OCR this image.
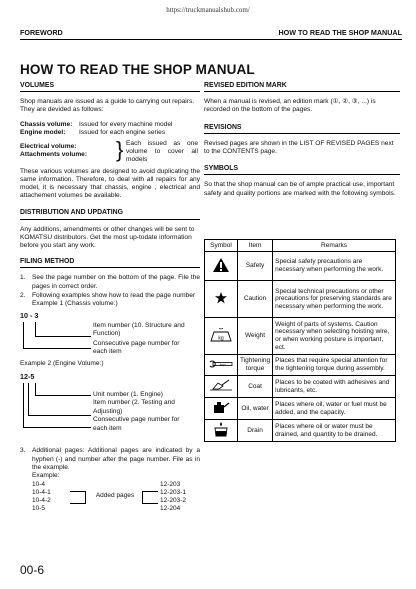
https://truckmanualshub.com/
FOREWORD	HOW TO READ THE SHOP MANUAL
HOW TO READ THE SHOP MANUAL
VOLUMES

Shop manuals are issued as a guide to carrying out repairs. They are devided as follows:

Chassis volume: Issued for every machine model
Engine model: Issued for each engine series
Electrical volume:
Attachments volume:	} Each issued as one volume to cover all models

These various volumes are designed to avoid duplicating the same information. Therefore, to deal with all repairs for any model, it is necessary that chassis, engine , electrical and attachement volumes be available.

DISTRIBUTION AND UPDATING

Any additions, amendments or other changes will be sent to KOMATSU distributors. Get the most up-todate information before you start any work.

FILING METHOD
1. See the page number on the bottom of the page. File the pages in correct order.
2. Following examples show how to read the page number
Example 1 (Chassis volume:)
10 - 3
Item number (10. Structure and Function)
Consecutive page number for each item
Example 2 (Engine Volume:)
12-5
Unit number (1. Engine)
Item number (2. Testing and Adjusting)
Consecutive page number for each item
3. Additional pages: Additional pages are indicated by a hyphen (-) and number after the page number. File as in the example.
Example:
10-4
10-4-1
10-4-2
10-5
Added pages
12-203
12-203-1
12-203-2
12-204
REVISED EDITION MARK

When a manual is revised, an edition mark (①, ②, ③, ...) is recorded on the bottom of the pages.

REVISIONS

Revised pages are shown in the LIST OF REVISED PAGES next to the CONTENTS page.

SYMBOLS

So that the shop manual can be of ample practical use, important safety and quality portions are marked with the following symbols.

Symbol	Item	Remarks
	Safety	Special safety precautions are necessary when performing the work.
	Caution	Special technical precautions or other precautions for preserving standards are necessary when performing the work.

kg	Weight	Weight of parts of systems. Caution necessary when selecting hoisting wire, or when working posture is important, ect.

kgm	Tightening torque	Places that require special attention for the tightening torque during assembly.
	Coat	Places to be coated with adhesives and lubricants, etc.
	Oil, water	Places where oil, water or fuel must be added, and the capacity.
	Drain	Places where oil or water must be drained, and quantity to be drained.
00-6
